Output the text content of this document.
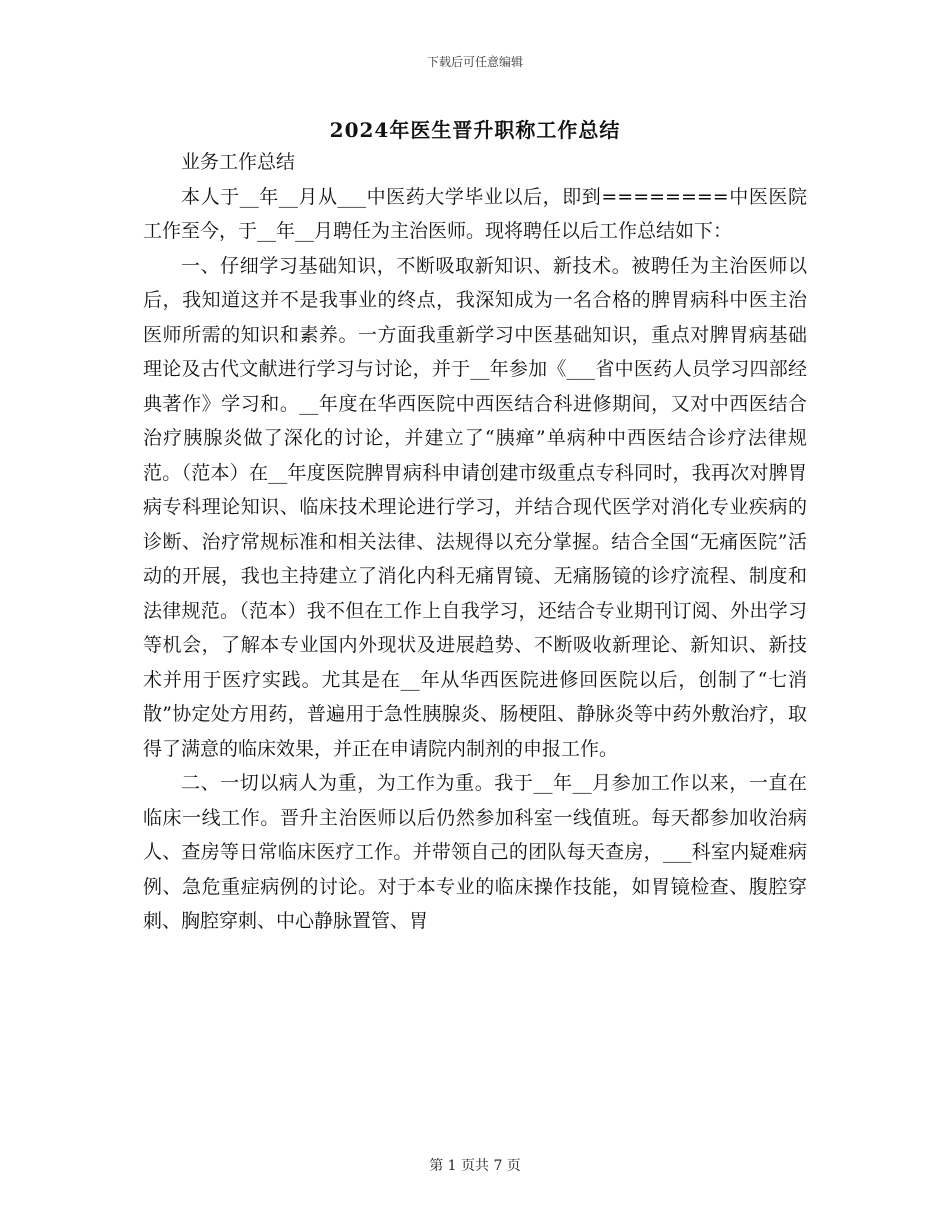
下载后可任意编辑
2024年医生晋升职称工作总结

业务工作总结

本人于__年__月从___中医药大学毕业以后，即到========中医医院工作至今，于__年__月聘任为主治医师。现将聘任以后工作总结如下：

一、仔细学习基础知识，不断吸取新知识、新技术。被聘任为主治医师以后，我知道这并不是我事业的终点，我深知成为一名合格的脾胃病科中医主治医师所需的知识和素养。一方面我重新学习中医基础知识，重点对脾胃病基础理论及古代文献进行学习与讨论，并于__年参加《___省中医药人员学习四部经典著作》学习和。__年度在华西医院中西医结合科进修期间，又对中西医结合治疗胰腺炎做了深化的讨论，并建立了“胰瘅”单病种中西医结合诊疗法律规范。（范本）在__年度医院脾胃病科申请创建市级重点专科同时，我再次对脾胃病专科理论知识、临床技术理论进行学习，并结合现代医学对消化专业疾病的诊断、治疗常规标准和相关法律、法规得以充分掌握。结合全国“无痛医院”活动的开展，我也主持建立了消化内科无痛胃镜、无痛肠镜的诊疗流程、制度和法律规范。（范本）我不但在工作上自我学习，还结合专业期刊订阅、外出学习等机会，了解本专业国内外现状及进展趋势、不断吸收新理论、新知识、新技术并用于医疗实践。尤其是在__年从华西医院进修回医院以后，创制了“七消散”协定处方用药，普遍用于急性胰腺炎、肠梗阻、静脉炎等中药外敷治疗，取得了满意的临床效果，并正在申请院内制剂的申报工作。

二、一切以病人为重，为工作为重。我于__年__月参加工作以来，一直在临床一线工作。晋升主治医师以后仍然参加科室一线值班。每天都参加收治病人、查房等日常临床医疗工作。并带领自己的团队每天查房，___科室内疑难病例、急危重症病例的讨论。对于本专业的临床操作技能，如胃镜检查、腹腔穿刺、胸腔穿刺、中心静脉置管、胃

第 1 页共 7 页
